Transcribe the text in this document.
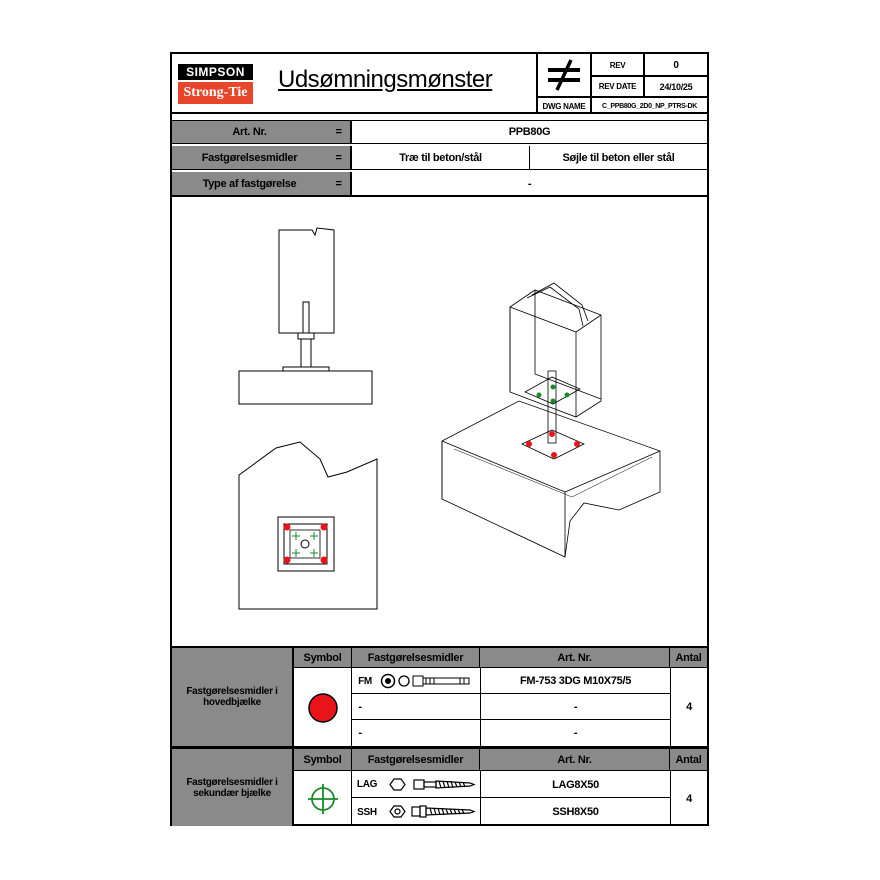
SIMPSON
Strong-Tie Udsømningsmønster
DWG NAME
REV	0
REV DATE	24/10/25
C_PPB80G_2D0_NP_PTRS-DK
Art. Nr.	=	PPB80G
Fastgørelsesmidler	=	Træ til beton/stål	Søjle til beton eller stål
Type af fastgørelse	=	-
Fastgørelsesmidler i hovedbjælke
Symbol	Fastgørelsesmidler	Art. Nr.	Antal
FM	FM-753 3DG M10X75/5
-	-
-	-
4
Fastgørelsesmidler i sekundær bjælke
Symbol	Fastgørelsesmidler	Art. Nr.	Antal
LAG	LAG8X50
SSH	SSH8X50
4
